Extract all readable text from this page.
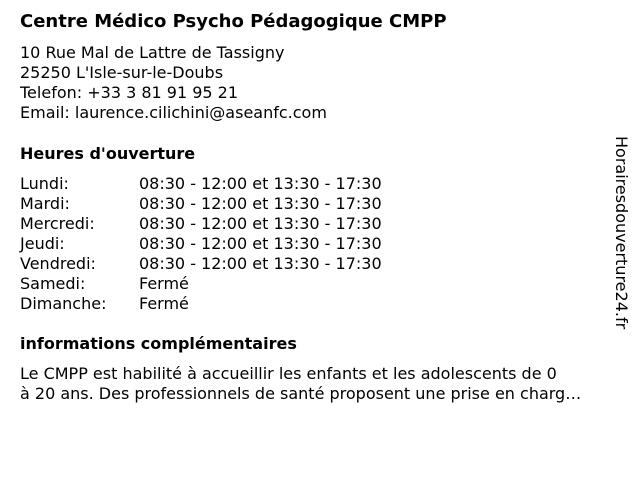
Centre Médico Psycho Pédagogique CMPP
10 Rue Mal de Lattre de Tassigny
25250 L'Isle-sur-le-Doubs
Telefon: +33 3 81 91 95 21
Email: laurence.cilichini@aseanfc.com
Heures d'ouverture
Lundi:	08:30 - 12:00 et 13:30 - 17:30
Mardi:	08:30 - 12:00 et 13:30 - 17:30
Mercredi:	08:30 - 12:00 et 13:30 - 17:30
Jeudi:	08:30 - 12:00 et 13:30 - 17:30
Vendredi:	08:30 - 12:00 et 13:30 - 17:30
Samedi:	Fermé
Dimanche: Fermé
informations complémentaires
Le CMPP est habilité à accueillir les enfants et les adolescents de 0
à 20 ans. Des professionnels de santé proposent une prise en charg…
Horairesdouverture24.fr
